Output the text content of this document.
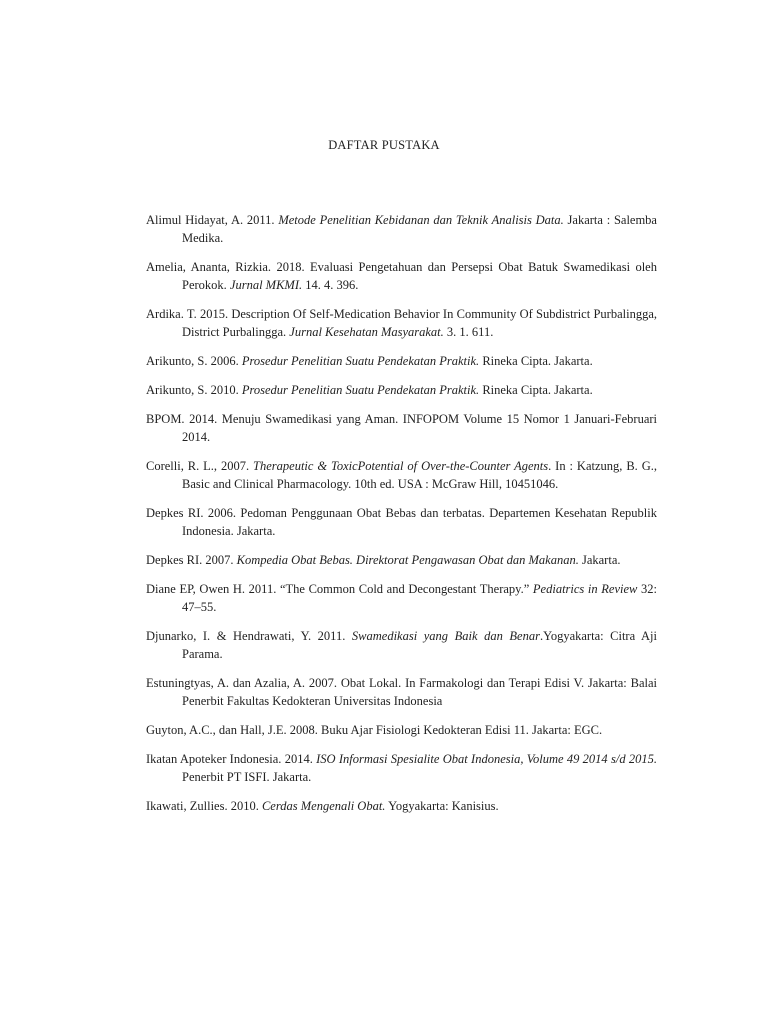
DAFTAR PUSTAKA
Alimul Hidayat, A. 2011. Metode Penelitian Kebidanan dan Teknik Analisis Data. Jakarta : Salemba Medika.
Amelia, Ananta, Rizkia. 2018. Evaluasi Pengetahuan dan Persepsi Obat Batuk Swamedikasi oleh Perokok. Jurnal MKMI. 14. 4. 396.
Ardika. T. 2015. Description Of Self-Medication Behavior In Community Of Subdistrict Purbalingga, District Purbalingga. Jurnal Kesehatan Masyarakat. 3. 1. 611.
Arikunto, S. 2006. Prosedur Penelitian Suatu Pendekatan Praktik. Rineka Cipta. Jakarta.
Arikunto, S. 2010. Prosedur Penelitian Suatu Pendekatan Praktik. Rineka Cipta. Jakarta.
BPOM. 2014. Menuju Swamedikasi yang Aman. INFOPOM Volume 15 Nomor 1 Januari-Februari 2014.
Corelli, R. L., 2007. Therapeutic & ToxicPotential of Over-the-Counter Agents. In : Katzung, B. G., Basic and Clinical Pharmacology. 10th ed. USA : McGraw Hill, 10451046.
Depkes RI. 2006. Pedoman Penggunaan Obat Bebas dan terbatas. Departemen Kesehatan Republik Indonesia. Jakarta.
Depkes RI. 2007. Kompedia Obat Bebas. Direktorat Pengawasan Obat dan Makanan. Jakarta.
Diane EP, Owen H. 2011. “The Common Cold and Decongestant Therapy.” Pediatrics in Review 32: 47–55.
Djunarko, I. & Hendrawati, Y. 2011. Swamedikasi yang Baik dan Benar.Yogyakarta: Citra Aji Parama.
Estuningtyas, A. dan Azalia, A. 2007. Obat Lokal. In Farmakologi dan Terapi Edisi V. Jakarta: Balai Penerbit Fakultas Kedokteran Universitas Indonesia
Guyton, A.C., dan Hall, J.E. 2008. Buku Ajar Fisiologi Kedokteran Edisi 11. Jakarta: EGC.
Ikatan Apoteker Indonesia. 2014. ISO Informasi Spesialite Obat Indonesia, Volume 49 2014 s/d 2015. Penerbit PT ISFI. Jakarta.
Ikawati, Zullies. 2010. Cerdas Mengenali Obat. Yogyakarta: Kanisius.
